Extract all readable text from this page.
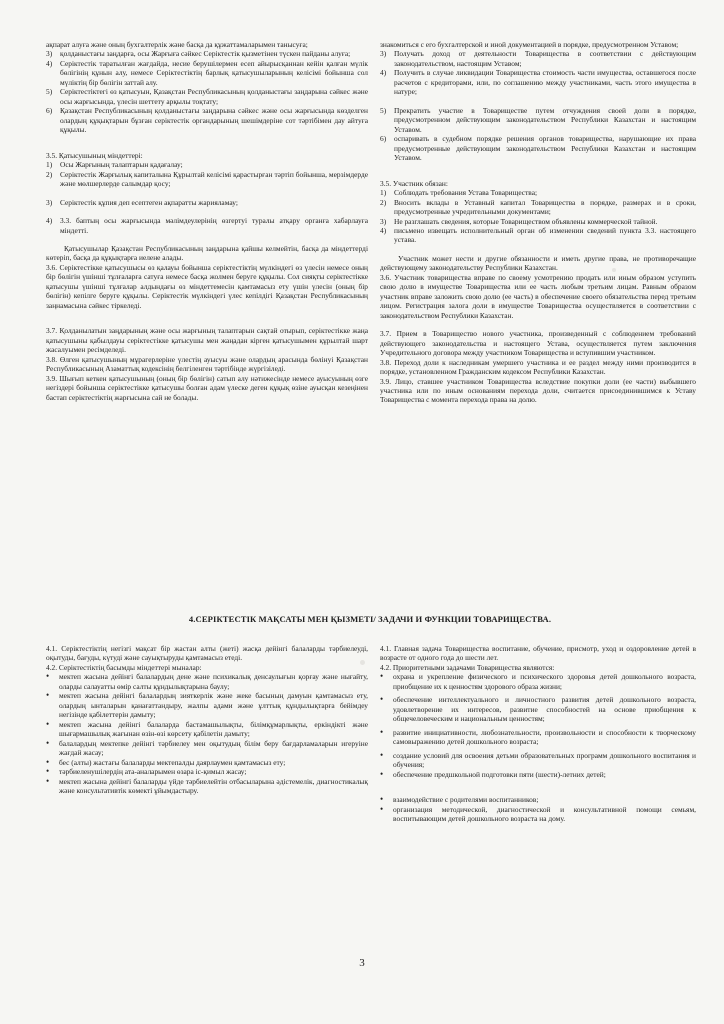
ақпарат алуға және оның бухгалтерлік және басқа да құжаттамаларымен танысуға;

3)	қолданыстағы заңдарға, осы Жарғыға сәйкес Серіктестік қызметінен түскен пайданы алуға;
4)	Серіктестік таратылған жағдайда, несие берушілермен есеп айырысқаннан кейін қалған мүлік бөлігінің құнын алу, немесе Серіктестіктің барлық қатысушыларының келісімі бойынша сол мүліктің бір бөлігін заттай алу.
5)	Серіктестіктегі өз қатысуын, Қазақстан Республикасының қолданыстағы заңдарына сәйкес және осы жарғысында, үлесін шеттету арқылы тоқтату;
6)	Қазақстан Республикасының қолданыстағы заңдарына сәйкес және осы жарғысында көзделген олардың құқықтарын бұзған серіктестік органдарының шешімдеріне сот тәртібімен дау айтуға құқылы.

3.5. Қатысушының міндеттері:

1)	Осы Жарғының талаптарын қадағалау;
2)	Серіктестік Жарғылық капиталына Құрылтай келісімі қарастырған тәртіп бойынша, мерзімдерде және мөлшерлерде салымдар қосу;
3)	Серіктестік құпия деп есептеген ақпаратты жарияламау;
4)	3.3. баптың осы жарғысында мәлімдеулерінің өзгертуі туралы атқару органға хабарлауға міндетті.

Қатысушылар Қазақстан Республикасының заңдарына қайшы келмейтін, басқа да міндеттерді көтеріп, басқа да құқықтарға иелене алады.

3.6. Серіктестікке қатысушысы өз қалауы бойынша серіктестіктің мүлкіндегі өз үлесін немесе оның бір бөлігін үшінші тұлғаларға сатуға немесе басқа жолмен беруге құқылы. Сол сияқты серіктестікке қатысушы үшінші тұлғалар алдындағы өз міндеттемесін қамтамасыз ету үшін үлесін (оның бір бөлігін) кепілге беруге құқылы. Серіктестік мүлкіндегі үлес кепілдігі Қазақстан Республикасының заңнамасына сәйкес тіркеледі.

3.7. Қолданылатын заңдарының және осы жарғының талаптарын сақтай отырып, серіктестікке жаңа қатысушыны қабылдауы серіктестікке қатысушы мен жаңадан кірген қатысушымен құрылтай шарт жасалуымен ресімделеді.

3.8. Өлген қатысушының мұрагерлеріне үлестің ауысуы және олардың арасында бөлінуі Қазақстан Республикасының Азаматтық кодексінің белгіленген тәртібінде жүргізіледі.

3.9. Шығып кеткен қатысушының (оның бір бөлігін) сатып алу нәтижесінде немесе ауысуының өзге негіздері бойынша серіктестікке қатысушы болған адам үлеске деген құқық өзіне ауысқан кезеңінен бастап серіктестіктің жарғысына сай не болады.

знакомиться с его бухгалтерской и иной документацией в порядке, предусмотренном Уставом;

3)	Получать доход от деятельности Товарищества в соответствии с действующим законодательством, настоящим Уставом;
4)	Получить в случае ликвидации Товарищества стоимость части имущества, оставшегося после расчетов с кредиторами, или, по соглашению между участниками, часть этого имущества в натуре;
5)	Прекратить участие в Товариществе путем отчуждения своей доли в порядке, предусмотренном действующим законодательством Республики Казахстан и настоящим Уставом.
6)	оспаривать в судебном порядке решения органов товарищества, нарушающие их права предусмотренные действующим законодательством Республики Казахстан и настоящим Уставом.

3.5. Участник обязан:

1)	Соблюдать требования Устава Товарищества;
2)	Вносить вклады в Уставный капитал Товарищества в порядке, размерах и в сроки, предусмотренные учредительными документами;
3)	Не разглашать сведения, которые Товариществом объявлены коммерческой тайной.
4)	письмено извещать исполнительный орган об изменении сведений пункта 3.3. настоящего устава.

Участник может нести и другие обязанности и иметь другие права, не противоречащие действующему законодательству Республики Казахстан.

3.6. Участник товарищества вправе по своему усмотрению продать или иным образом уступить свою долю в имуществе Товарищества или ее часть любым третьим лицам. Равным образом участник вправе заложить свою долю (ее часть) в обеспечение своего обязательства перед третьим лицом. Регистрация залога доли в имуществе Товарищества осуществляется в соответствии с законодательством Республики Казахстан.

3.7. Прием в Товарищество нового участника, произведенный с соблюдением требований действующего законодательства и настоящего Устава, осуществляется путем заключения Учредительного договора между участником Товарищества и вступившим участником.

3.8. Переход доли к наследникам умершего участника и ее раздел между ними производится в порядке, установленном Гражданским кодексом Республики Казахстан.

3.9. Лицо, ставшее участником Товарищества вследствие покупки доли (ее части) выбывшего участника или по иным основаниям перехода доли, считается присоединившимся к Уставу Товарищества с момента перехода права на долю.

4.СЕРІКТЕСТІК МАҚСАТЫ МЕН ҚЫЗМЕТІ/ ЗАДАЧИ И ФУНКЦИИ ТОВАРИЩЕСТВА.

4.1. Серіктестіктің негізгі мақсат бір жастан алты (жеті) жасқа дейінгі балаларды тәрбиелеуді, оқытуды, бағуды, күтуді және сауықтыруды қамтамасыз етеді.

4.2. Серіктестіктің басымды міндеттері мыналар:

•	мектеп жасына дейінгі балалардың дене және психикалық денсаулығын қорғау және нығайту, оларды салауатты өмір салты құндылықтарына баулу;
•	мектеп жасына дейінгі балалардың зияткерлік және жеке басының дамуын қамтамасыз ету, олардың ынталарын қанағаттандыру, жалпы адами және ұлттық құндылықтарға бейімдеу негізінде қабілеттерін дамыту;
•	мектеп жасына дейінгі балаларда бастамашылықты, білімқұмарлықты, еркіндікті және шығармашылық жағынан өзін-өзі көрсету қабілетін дамыту;
•	балалардың мектепке дейінгі тәрбиелеу мен оқытудың білім беру бағдарламаларын игеруіне жағдай жасау;
•	бес (алты) жастағы балаларды мектепалды даярлаумен қамтамасыз ету;
•	тәрбиеленушілердің ата-аналарымен өзара іс-қимыл жасау;
•	мектеп жасына дейінгі балаларды үйде тәрбиелейтін отбасыларына әдістемелік, диагностикалық және консультативтік көмекті ұйымдастыру.

4.1. Главная задача Товарищества воспитание, обучение, присмотр, уход и оздоровление детей в возрасте от одного года до шести лет.

4.2. Приоритетными задачами Товарищества являются:

•	охрана и укрепление физического и психического здоровья детей дошкольного возраста, приобщение их к ценностям здорового образа жизни;
•	обеспечение интеллектуального и личностного развития детей дошкольного возраста, удовлетворение их интересов, развитие способностей на основе приобщения к общечеловеческим и национальным ценностям;
•	развитие инициативности, любознательности, произвольности и способности к творческому самовыражению детей дошкольного возраста;
•	создание условий для освоения детьми образовательных программ дошкольного воспитания и обучения;
•	обеспечение предшкольной подготовки пяти (шести)-летних детей;
•	взаимодействие с родителями воспитанников;
•	организация методической, диагностической и консультативной помощи семьям, воспитывающим детей дошкольного возраста на дому.
3
